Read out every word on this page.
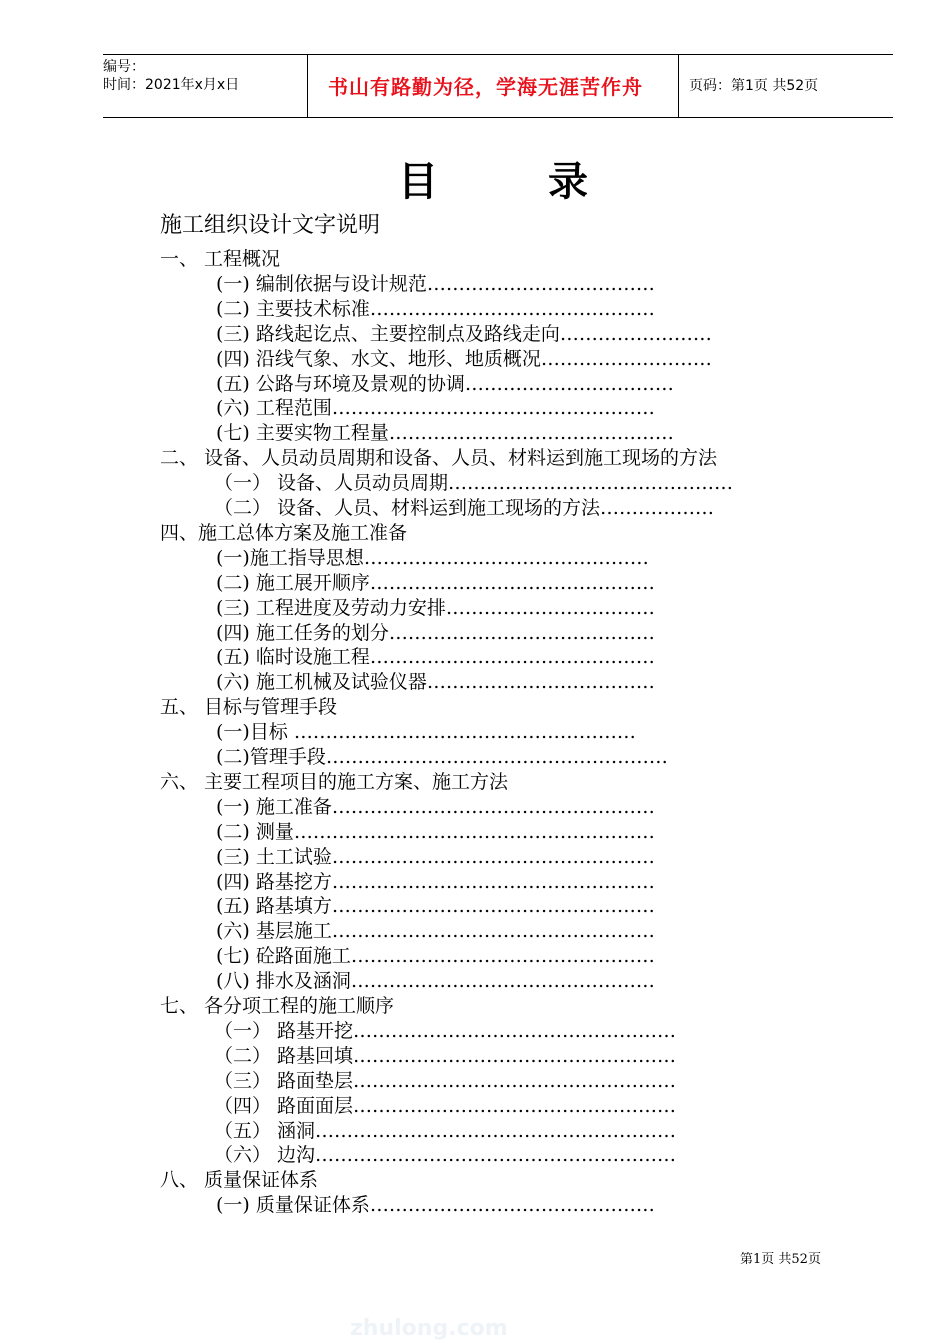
编号：
时间：2021年x月x日	书山有路勤为径，学海无涯苦作舟	页码：第1页 共52页
目	录
施工组织设计文字说明
一、 工程概况
(一) 编制依据与设计规范………………………………
(二) 主要技术标准………………………………………
(三) 路线起讫点、主要控制点及路线走向……………………
(四) 沿线气象、水文、地形、地质概况………………………
(五) 公路与环境及景观的协调……………………………
(六) 工程范围……………………………………………
(七) 主要实物工程量………………………………………
二、 设备、人员动员周期和设备、人员、材料运到施工现场的方法
（一） 设备、人员动员周期………………………………………
（二） 设备、人员、材料运到施工现场的方法………………
四、施工总体方案及施工准备
(一)施工指导思想………………………………………
(二) 施工展开顺序………………………………………
(三) 工程进度及劳动力安排……………………………
(四) 施工任务的划分……………………………………
(五) 临时设施工程………………………………………
(六) 施工机械及试验仪器………………………………
五、 目标与管理手段
(一)目标 ………………………………………………
(二)管理手段………………………………………………
六、 主要工程项目的施工方案、施工方法
(一) 施工准备……………………………………………
(二) 测量…………………………………………………
(三) 土工试验……………………………………………
(四) 路基挖方……………………………………………
(五) 路基填方……………………………………………
(六) 基层施工……………………………………………
(七) 砼路面施工…………………………………………
(八) 排水及涵洞…………………………………………
七、 各分项工程的施工顺序
（一） 路基开挖……………………………………………
（二） 路基回填……………………………………………
（三） 路面垫层……………………………………………
（四） 路面面层……………………………………………
（五） 涵洞…………………………………………………
（六） 边沟…………………………………………………
八、 质量保证体系
(一) 质量保证体系………………………………………
第1页 共52页
zhulong.com
